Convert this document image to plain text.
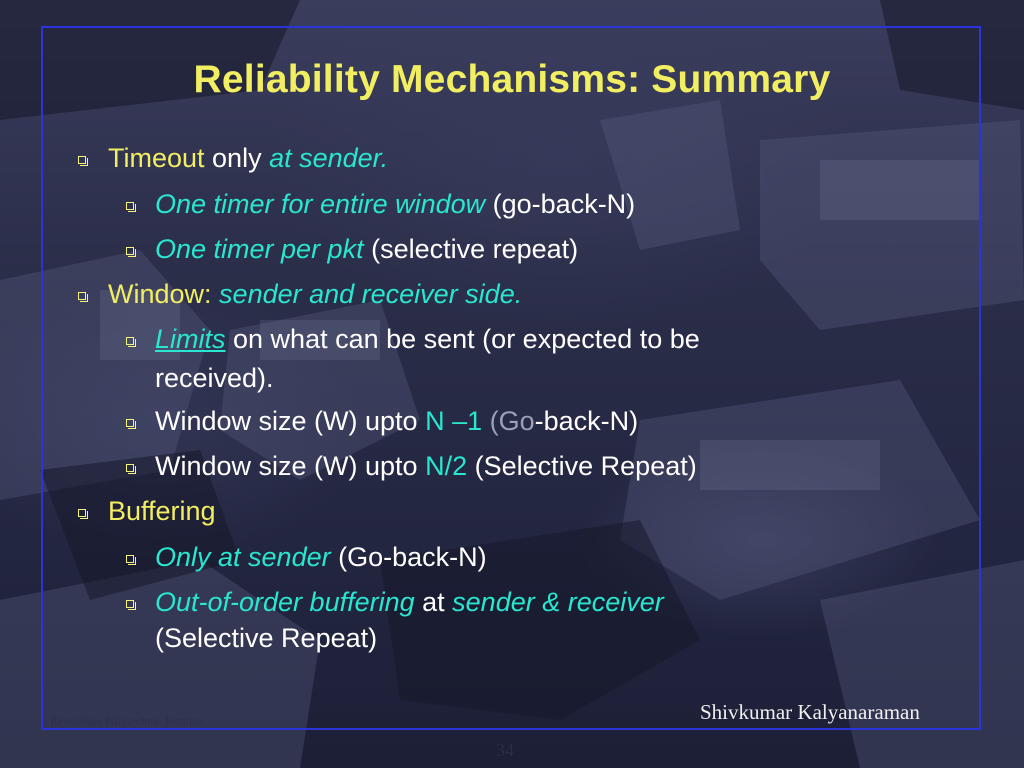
Reliability Mechanisms: Summary
Timeout only at sender.
One timer for entire window (go-back-N)
One timer per pkt (selective repeat)
Window: sender and receiver side.
Limits on what can be sent (or expected to be
received).
Window size (W) upto N –1 (Go-back-N)
Window size (W) upto N/2 (Selective Repeat)
Buffering
Only at sender (Go-back-N)
Out-of-order buffering at sender & receiver
(Selective Repeat)
Rensselaer Polytechnic Institute	Shivkumar Kalyanaraman
34
